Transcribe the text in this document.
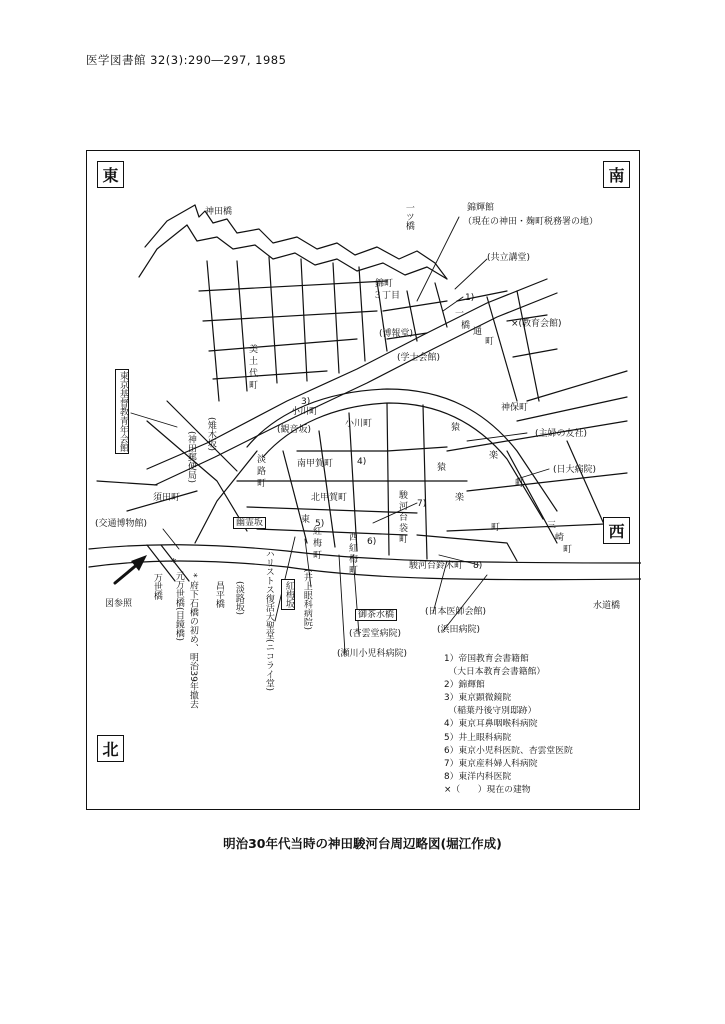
医学図書館 32(3):290―297, 1985
東	南
西
北
神田橋	一ツ橋	錦輝館
（現在の神田・麹町税務署の地）
(共立講堂)
錦町
３丁目	1)
一
橋
通
町
×(教育会館)
(博報堂)
(学士会館)
美
土
代
町
3)
小川町
小川町
神保町
東京基督教青年会館	(観音坂)
(雉木坂)
(神田郵便局)	淡
路
町
南甲賀町	4)
(主婦の友社)
猿
猿
楽
楽
町
町
(日大病院)
須田町	北甲賀町	駿
河
台
袋
町
7)
(交通博物館)	幽霊坂	東 5)
西
紅
梅
町
6)
三
崎
町
紅
梅
町
駿河台鈴木町 8)
図参照
万世橋 元万世橋(目鏡橋)
*
* 府下石橋の初め、明治39年撤去 昌平橋 (淡路坂) ハリストス復活大聖堂(ニコライ堂)	紅梅坂 (井上眼科病院)	御茶水橋
(杏雲堂病院)
(瀬川小児科病院)
(日本医師会館)
(浜田病院)
水道橋
1）帝国教育会書籍館
　（大日本教育会書籍館）
2）錦輝館
3）東京顕微鏡院
　（稲葉丹後守別邸跡）
4）東京耳鼻咽喉科病院
5）井上眼科病院
6）東京小児科医院、杏雲堂医院
7）東京産科婦人科病院
8）東洋内科医院
×（　　）現在の建物
明治30年代当時の神田駿河台周辺略図(堀江作成)
